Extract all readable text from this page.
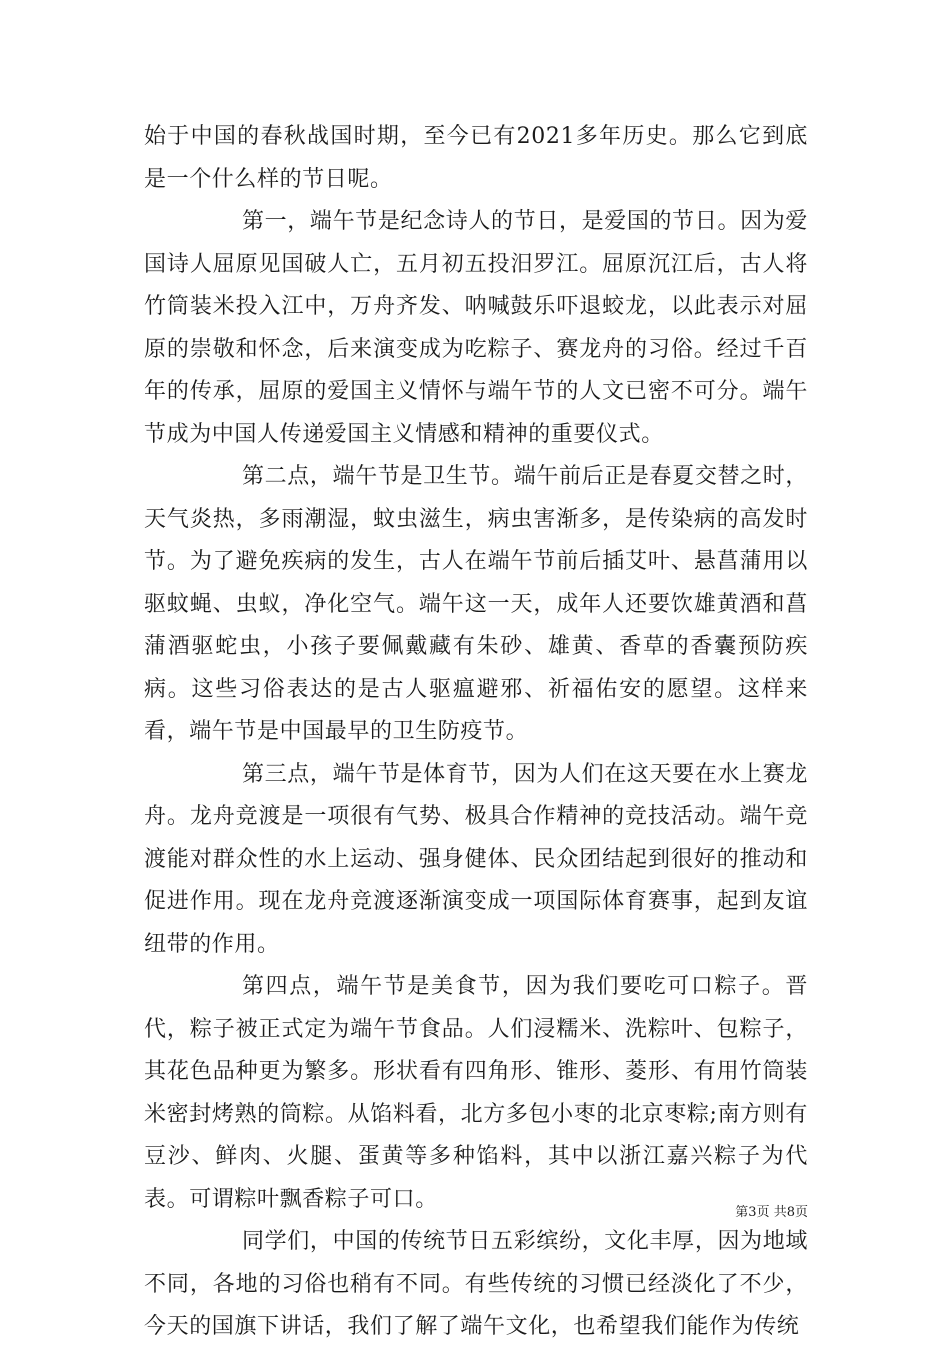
始于中国的春秋战国时期，至今已有2021多年历史。那么它到底是一个什么样的节日呢。

第一，端午节是纪念诗人的节日，是爱国的节日。因为爱国诗人屈原见国破人亡，五月初五投汨罗江。屈原沉江后，古人将竹筒装米投入江中，万舟齐发、呐喊鼓乐吓退蛟龙，以此表示对屈原的崇敬和怀念，后来演变成为吃粽子、赛龙舟的习俗。经过千百年的传承，屈原的爱国主义情怀与端午节的人文已密不可分。端午节成为中国人传递爱国主义情感和精神的重要仪式。

第二点，端午节是卫生节。端午前后正是春夏交替之时，天气炎热，多雨潮湿，蚊虫滋生，病虫害渐多，是传染病的高发时节。为了避免疾病的发生，古人在端午节前后插艾叶、悬菖蒲用以驱蚊蝇、虫蚁，净化空气。端午这一天，成年人还要饮雄黄酒和菖蒲酒驱蛇虫，小孩子要佩戴藏有朱砂、雄黄、香草的香囊预防疾病。这些习俗表达的是古人驱瘟避邪、祈福佑安的愿望。这样来看，端午节是中国最早的卫生防疫节。

第三点，端午节是体育节，因为人们在这天要在水上赛龙舟。龙舟竞渡是一项很有气势、极具合作精神的竞技活动。端午竞渡能对群众性的水上运动、强身健体、民众团结起到很好的推动和促进作用。现在龙舟竞渡逐渐演变成一项国际体育赛事，起到友谊纽带的作用。

第四点，端午节是美食节，因为我们要吃可口粽子。晋代，粽子被正式定为端午节食品。人们浸糯米、洗粽叶、包粽子，其花色品种更为繁多。形状看有四角形、锥形、菱形、有用竹筒装米密封烤熟的筒粽。从馅料看，北方多包小枣的北京枣粽;南方则有豆沙、鲜肉、火腿、蛋黄等多种馅料，其中以浙江嘉兴粽子为代表。可谓粽叶飘香粽子可口。

同学们，中国的传统节日五彩缤纷，文化丰厚，因为地域不同，各地的习俗也稍有不同。有些传统的习惯已经淡化了不少，今天的国旗下讲话，我们了解了端午文化，也希望我们能作为传统

第3页 共8页
